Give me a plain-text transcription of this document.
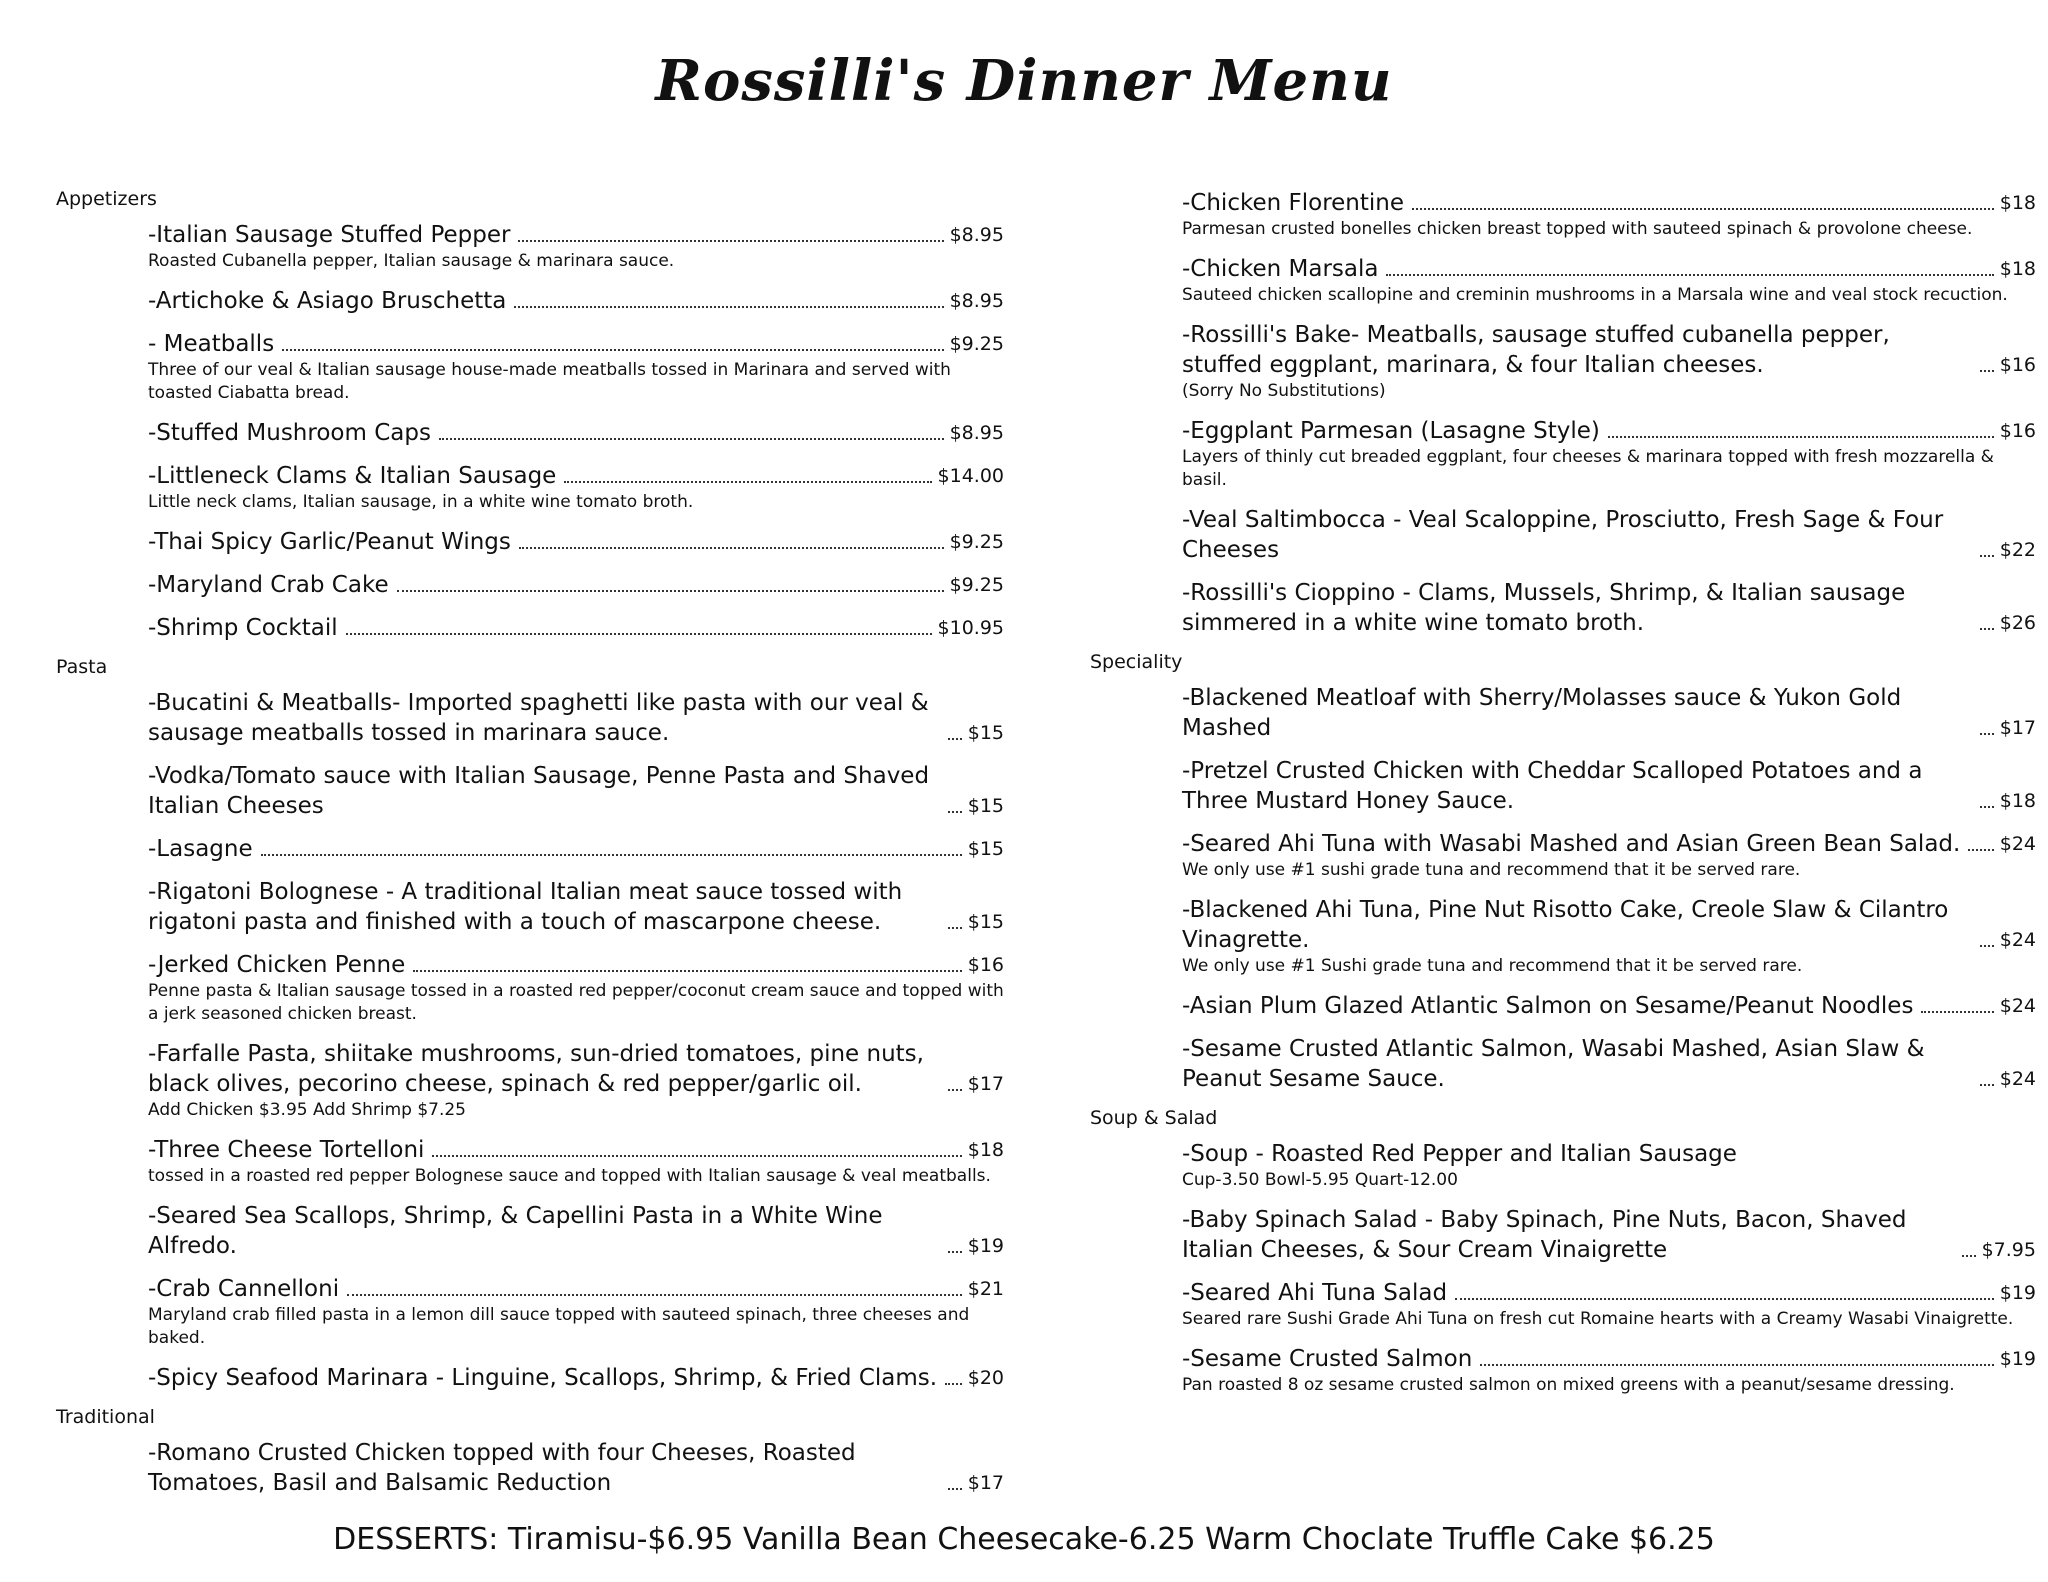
Rossilli's Dinner Menu
Appetizers
-Italian Sausage Stuffed Pepper	$8.95
Roasted Cubanella pepper, Italian sausage & marinara sauce.
-Artichoke & Asiago Bruschetta	$8.95
- Meatballs	$9.25
Three of our veal & Italian sausage house-made meatballs tossed in Marinara and served with toasted Ciabatta bread.
-Stuffed Mushroom Caps	$8.95
-Littleneck Clams & Italian Sausage	$14.00
Little neck clams, Italian sausage, in a white wine tomato broth.
-Thai Spicy Garlic/Peanut Wings	$9.25
-Maryland Crab Cake	$9.25
-Shrimp Cocktail	$10.95
Pasta
-Bucatini & Meatballs- Imported spaghetti like pasta with our veal & sausage meatballs tossed in marinara sauce.	$15
-Vodka/Tomato sauce with Italian Sausage, Penne Pasta and Shaved Italian Cheeses	$15
-Lasagne	$15
-Rigatoni Bolognese - A traditional Italian meat sauce tossed with rigatoni pasta and finished with a touch of mascarpone cheese.	$15
-Jerked Chicken Penne	$16
Penne pasta & Italian sausage tossed in a roasted red pepper/coconut cream sauce and topped with a jerk seasoned chicken breast.
-Farfalle Pasta, shiitake mushrooms, sun-dried tomatoes, pine nuts, black olives, pecorino cheese, spinach & red pepper/garlic oil.	$17
Add Chicken $3.95 Add Shrimp $7.25
-Three Cheese Tortelloni	$18
tossed in a roasted red pepper Bolognese sauce and topped with Italian sausage & veal meatballs.
-Seared Sea Scallops, Shrimp, & Capellini Pasta in a White Wine Alfredo.	$19
-Crab Cannelloni	$21
Maryland crab filled pasta in a lemon dill sauce topped with sauteed spinach, three cheeses and baked.
-Spicy Seafood Marinara - Linguine, Scallops, Shrimp, & Fried Clams. $20
Traditional
-Romano Crusted Chicken topped with four Cheeses, Roasted Tomatoes, Basil and Balsamic Reduction	$17
-Chicken Florentine	$18
Parmesan crusted bonelles chicken breast topped with sauteed spinach & provolone cheese.
-Chicken Marsala	$18
Sauteed chicken scallopine and creminin mushrooms in a Marsala wine and veal stock recuction.
-Rossilli's Bake- Meatballs, sausage stuffed cubanella pepper, stuffed eggplant, marinara, & four Italian cheeses.	$16
(Sorry No Substitutions)
-Eggplant Parmesan (Lasagne Style)	$16
Layers of thinly cut breaded eggplant, four cheeses & marinara topped with fresh mozzarella & basil.
-Veal Saltimbocca - Veal Scaloppine, Prosciutto, Fresh Sage & Four Cheeses	$22
-Rossilli's Cioppino - Clams, Mussels, Shrimp, & Italian sausage simmered in a white wine tomato broth.	$26
Speciality
-Blackened Meatloaf with Sherry/Molasses sauce & Yukon Gold Mashed	$17
-Pretzel Crusted Chicken with Cheddar Scalloped Potatoes and a Three Mustard Honey Sauce.	$18
-Seared Ahi Tuna with Wasabi Mashed and Asian Green Bean Salad. $24
We only use #1 sushi grade tuna and recommend that it be served rare.
-Blackened Ahi Tuna, Pine Nut Risotto Cake, Creole Slaw & Cilantro Vinagrette.	$24
We only use #1 Sushi grade tuna and recommend that it be served rare.
-Asian Plum Glazed Atlantic Salmon on Sesame/Peanut Noodles	$24
-Sesame Crusted Atlantic Salmon, Wasabi Mashed, Asian Slaw & Peanut Sesame Sauce.	$24
Soup & Salad
-Soup - Roasted Red Pepper and Italian Sausage
Cup-3.50 Bowl-5.95 Quart-12.00
-Baby Spinach Salad - Baby Spinach, Pine Nuts, Bacon, Shaved Italian Cheeses, & Sour Cream Vinaigrette	$7.95
-Seared Ahi Tuna Salad	$19
Seared rare Sushi Grade Ahi Tuna on fresh cut Romaine hearts with a Creamy Wasabi Vinaigrette.
-Sesame Crusted Salmon	$19
Pan roasted 8 oz sesame crusted salmon on mixed greens with a peanut/sesame dressing.
DESSERTS: Tiramisu-$6.95 Vanilla Bean Cheesecake-6.25 Warm Choclate Truffle Cake $6.25
